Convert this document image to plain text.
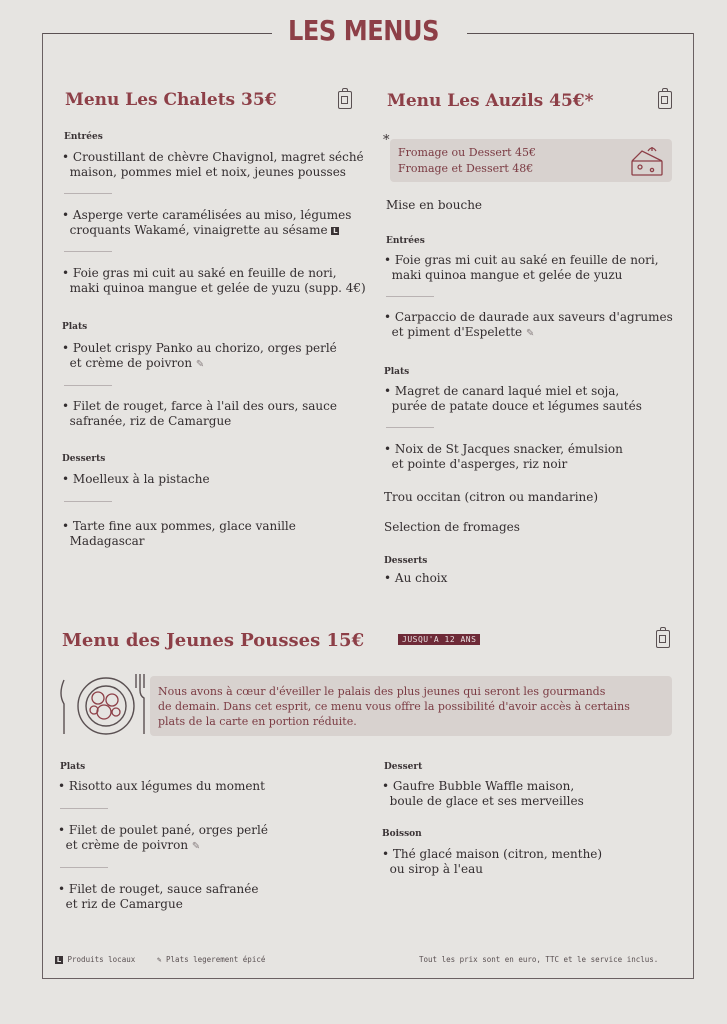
LES MENUS
Menu Les Chalets 35€
Entrées
• Croustillant de chèvre Chavignol, magret séché
maison, pommes miel et noix, jeunes pousses
• Asperge verte caramélisées au miso, légumes
croquants Wakamé, vinaigrette au sésame L
• Foie gras mi cuit au saké en feuille de nori,
maki quinoa mangue et gelée de yuzu (supp. 4€)
Plats
• Poulet crispy Panko au chorizo, orges perlé
et crème de poivron ✎
• Filet de rouget, farce à l'ail des ours, sauce
safranée, riz de Camargue
Desserts
• Moelleux à la pistache
• Tarte fine aux pommes, glace vanille
Madagascar
Menu Les Auzils 45€*
*
Fromage ou Dessert 45€
Fromage et Dessert 48€
Mise en bouche
Entrées
• Foie gras mi cuit au saké en feuille de nori,
maki quinoa mangue et gelée de yuzu
• Carpaccio de daurade aux saveurs d'agrumes
et piment d'Espelette ✎
Plats
• Magret de canard laqué miel et soja,
purée de patate douce et légumes sautés
• Noix de St Jacques snacker, émulsion
et pointe d'asperges, riz noir
Trou occitan (citron ou mandarine)
Selection de fromages
Desserts
• Au choix
Menu des Jeunes Pousses 15€	JUSQU'A 12 ANS
Nous avons à cœur d'éveiller le palais des plus jeunes qui seront les gourmands
de demain. Dans cet esprit, ce menu vous offre la possibilité d'avoir accès à certains
plats de la carte en portion réduite.
Plats
• Risotto aux légumes du moment
• Filet de poulet pané, orges perlé
et crème de poivron ✎
• Filet de rouget, sauce safranée
et riz de Camargue
Dessert
• Gaufre Bubble Waffle maison,
boule de glace et ses merveilles
Boisson
• Thé glacé maison (citron, menthe)
ou sirop à l'eau
L Produits locaux	✎ Plats legerement épicé	Tout les prix sont en euro, TTC et le service inclus.
